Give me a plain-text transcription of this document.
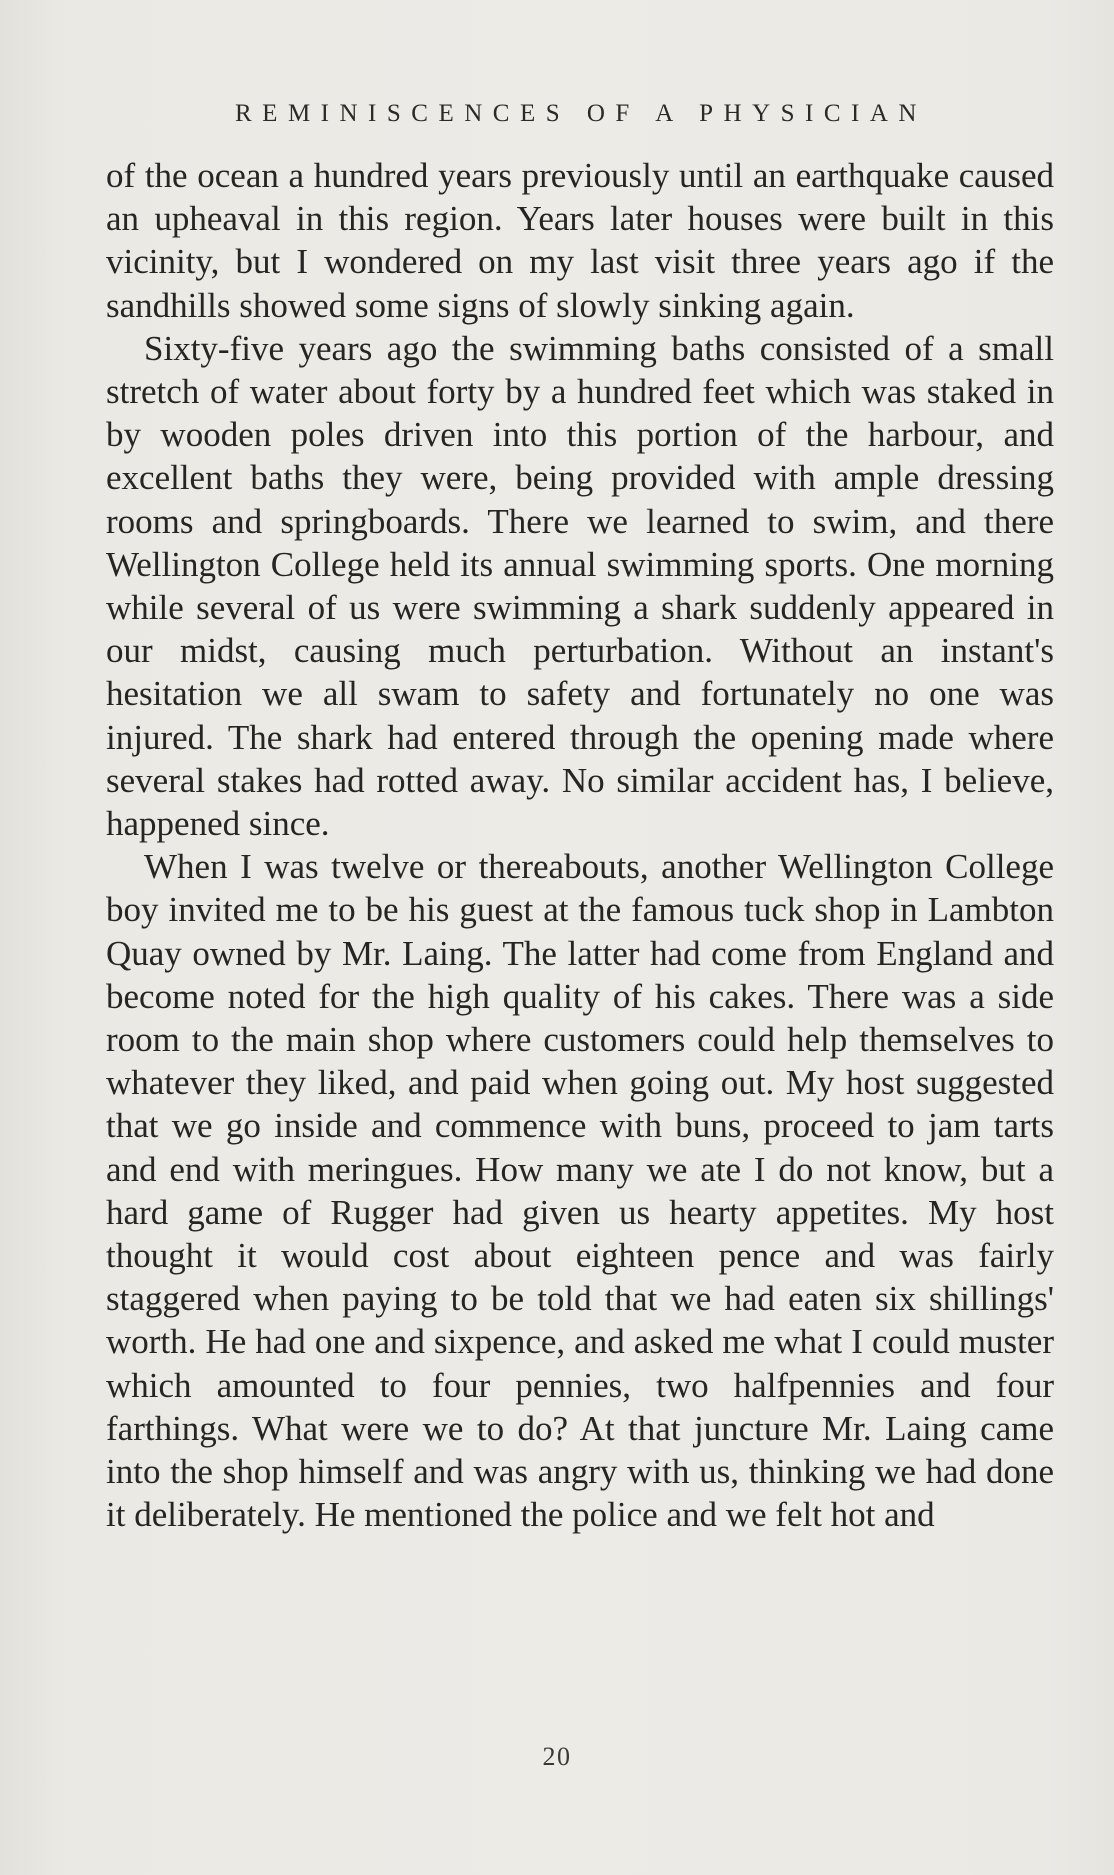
REMINISCENCES OF A PHYSICIAN

of the ocean a hundred years previously until an earthquake caused an upheaval in this region. Years later houses were built in this vicinity, but I wondered on my last visit three years ago if the sandhills showed some signs of slowly sinking again.

Sixty-five years ago the swimming baths consisted of a small stretch of water about forty by a hundred feet which was staked in by wooden poles driven into this portion of the harbour, and excellent baths they were, being provided with ample dressing rooms and springboards. There we learned to swim, and there Wellington College held its annual swimming sports. One morning while several of us were swimming a shark suddenly appeared in our midst, causing much perturbation. Without an instant's hesitation we all swam to safety and fortunately no one was injured. The shark had entered through the opening made where several stakes had rotted away. No similar accident has, I believe, happened since.

When I was twelve or thereabouts, another Wellington College boy invited me to be his guest at the famous tuck shop in Lambton Quay owned by Mr. Laing. The latter had come from England and become noted for the high quality of his cakes. There was a side room to the main shop where customers could help themselves to whatever they liked, and paid when going out. My host suggested that we go inside and commence with buns, proceed to jam tarts and end with meringues. How many we ate I do not know, but a hard game of Rugger had given us hearty appetites. My host thought it would cost about eighteen pence and was fairly staggered when paying to be told that we had eaten six shillings' worth. He had one and sixpence, and asked me what I could muster which amounted to four pennies, two halfpennies and four farthings. What were we to do? At that juncture Mr. Laing came into the shop himself and was angry with us, thinking we had done it deliberately. He mentioned the police and we felt hot and

20
